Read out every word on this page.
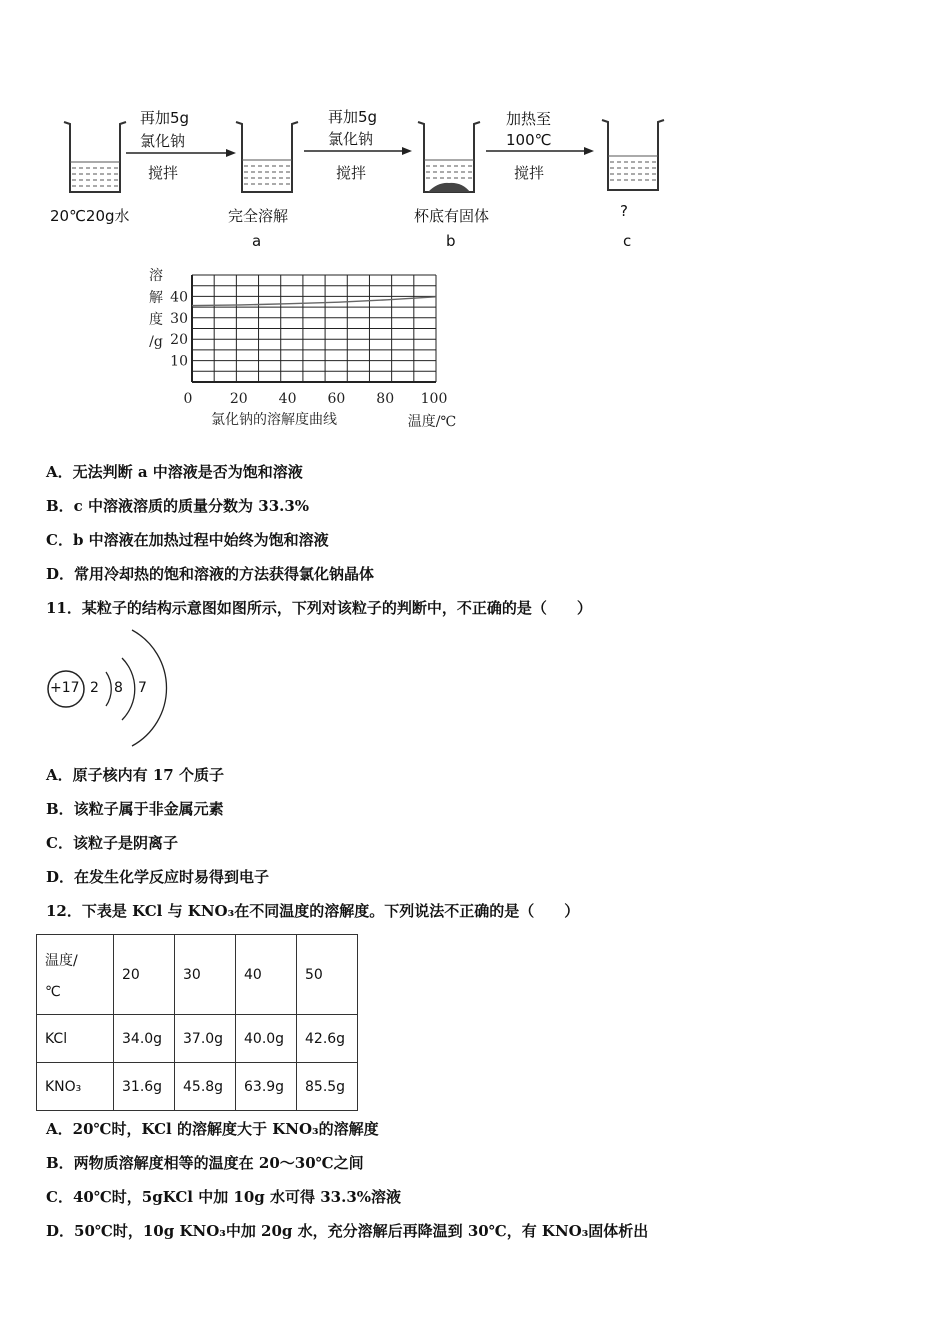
再加5g
氯化钠
搅拌
再加5g
氯化钠
搅拌
加热至
100℃
搅拌
20℃20g水	完全溶解
a
杯底有固体
b
?
c
10
20
30
40
0	20 40 60 80 100
溶
解
度
/g
氯化钠的溶解度曲线	温度/℃
A．无法判断 a 中溶液是否为饱和溶液
B．c 中溶液溶质的质量分数为 33.3%
C．b 中溶液在加热过程中始终为饱和溶液
D．常用冷却热的饱和溶液的方法获得氯化钠晶体
11．某粒子的结构示意图如图所示，下列对该粒子的判断中，不正确的是（　　）
+17 2 8 7
A．原子核内有 17 个质子
B．该粒子属于非金属元素
C．该粒子是阴离子
D．在发生化学反应时易得到电子
12．下表是 KCl 与 KNO₃在不同温度的溶解度。下列说法不正确的是（　　）
温度/
℃	20	30	40	50
KCl	34.0g	37.0g	40.0g	42.6g
KNO₃	31.6g	45.8g	63.9g	85.5g
A．20℃时，KCl 的溶解度大于 KNO₃的溶解度
B．两物质溶解度相等的温度在 20～30℃之间
C．40℃时，5gKCl 中加 10g 水可得 33.3%溶液
D．50℃时，10g KNO₃中加 20g 水，充分溶解后再降温到 30℃，有 KNO₃固体析出
